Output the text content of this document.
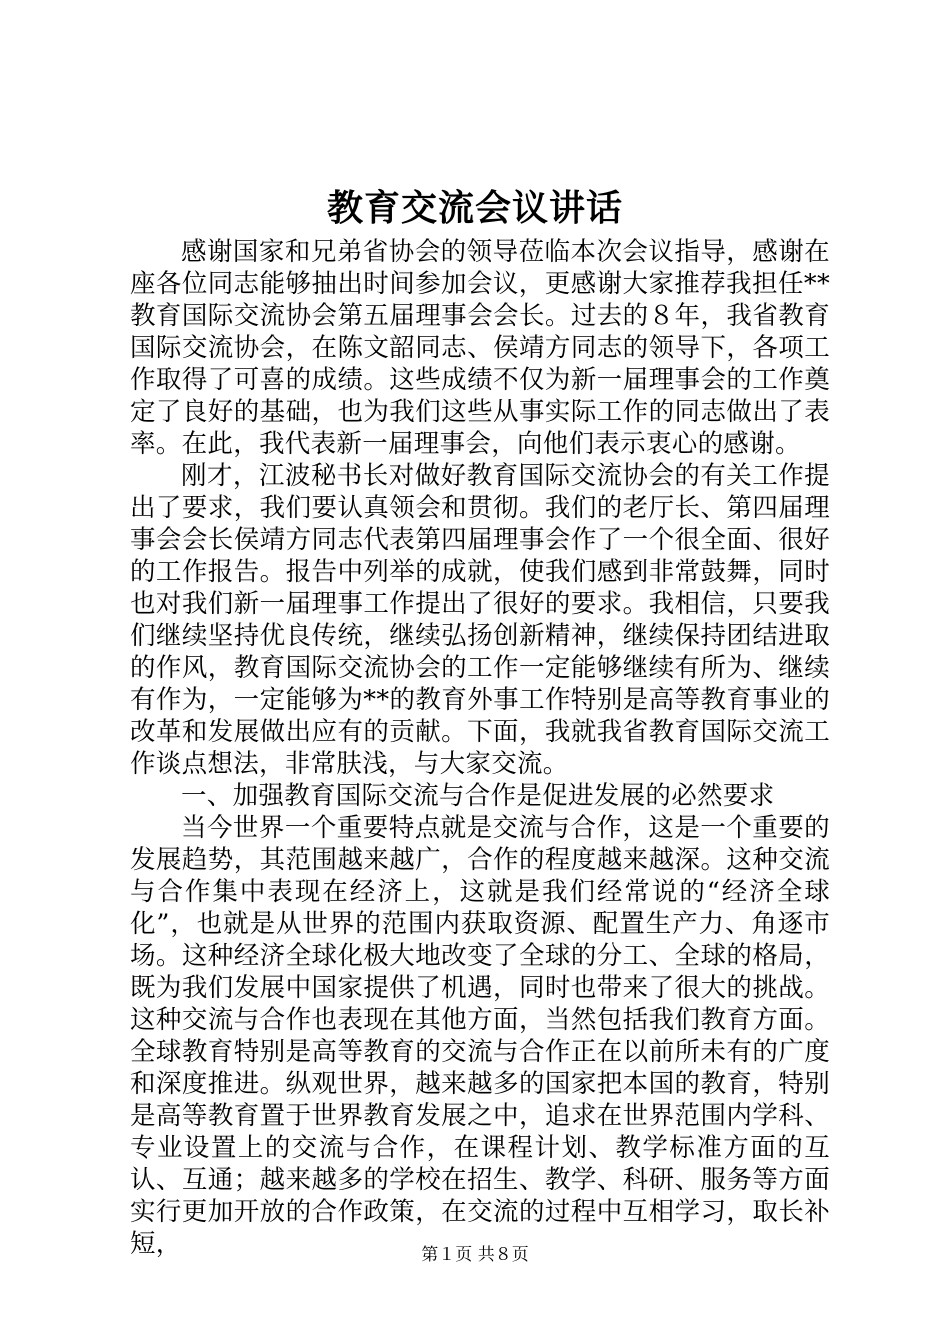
教育交流会议讲话

感谢国家和兄弟省协会的领导莅临本次会议指导，感谢在座各位同志能够抽出时间参加会议，更感谢大家推荐我担任**教育国际交流协会第五届理事会会长。过去的８年，我省教育国际交流协会，在陈文韶同志、侯靖方同志的领导下，各项工作取得了可喜的成绩。这些成绩不仅为新一届理事会的工作奠定了良好的基础，也为我们这些从事实际工作的同志做出了表率。在此，我代表新一届理事会，向他们表示衷心的感谢。

刚才，江波秘书长对做好教育国际交流协会的有关工作提出了要求，我们要认真领会和贯彻。我们的老厅长、第四届理事会会长侯靖方同志代表第四届理事会作了一个很全面、很好的工作报告。报告中列举的成就，使我们感到非常鼓舞，同时也对我们新一届理事工作提出了很好的要求。我相信，只要我们继续坚持优良传统，继续弘扬创新精神，继续保持团结进取的作风，教育国际交流协会的工作一定能够继续有所为、继续有作为，一定能够为**的教育外事工作特别是高等教育事业的改革和发展做出应有的贡献。下面，我就我省教育国际交流工作谈点想法，非常肤浅，与大家交流。

一、加强教育国际交流与合作是促进发展的必然要求

当今世界一个重要特点就是交流与合作，这是一个重要的发展趋势，其范围越来越广，合作的程度越来越深。这种交流与合作集中表现在经济上，这就是我们经常说的“经济全球化”，也就是从世界的范围内获取资源、配置生产力、角逐市场。这种经济全球化极大地改变了全球的分工、全球的格局，既为我们发展中国家提供了机遇，同时也带来了很大的挑战。这种交流与合作也表现在其他方面，当然包括我们教育方面。全球教育特别是高等教育的交流与合作正在以前所未有的广度和深度推进。纵观世界，越来越多的国家把本国的教育，特别是高等教育置于世界教育发展之中，追求在世界范围内学科、专业设置上的交流与合作，在课程计划、教学标准方面的互认、互通；越来越多的学校在招生、教学、科研、服务等方面实行更加开放的合作政策，在交流的过程中互相学习，取长补短，	第１页 共８页
